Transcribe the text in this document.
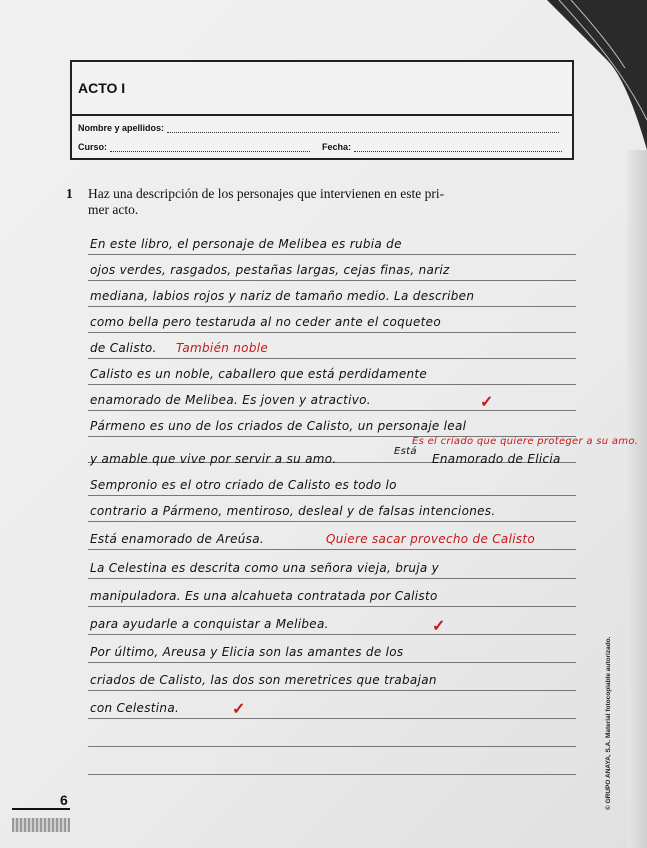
ACTO I
Nombre y apellidos:
Curso:	Fecha:
1 Haz una descripción de los personajes que intervienen en este pri-
mer acto.
En este libro, el personaje de Melibea es rubia de
ojos verdes, rasgados, pestañas largas, cejas finas, nariz
mediana, labios rojos y nariz de tamaño medio. La describen
como bella pero testaruda al no ceder ante el coqueteo
de Calisto. También noble
Calisto es un noble, caballero que está perdidamente
enamorado de Melibea. Es joven y atractivo.	✓
Pármeno es uno de los criados de Calisto, un personaje leal
Es el criado que quiere proteger a su amo.
y amable que vive por servir a su amo.
Está
Enamorado de Elicia
Sempronio es el otro criado de Calisto es todo lo
contrario a Pármeno, mentiroso, desleal y de falsas intenciones.
Está enamorado de Areúsa.	Quiere sacar provecho de Calisto
La Celestina es descrita como una señora vieja, bruja y
manipuladora. Es una alcahueta contratada por Calisto
para ayudarle a conquistar a Melibea.	✓
Por último, Areusa y Elicia son las amantes de los
criados de Calisto, las dos son meretrices que trabajan
con Celestina.	✓	© GRUPO ANAYA, S.A. Material fotocopiable autorizado.
6
